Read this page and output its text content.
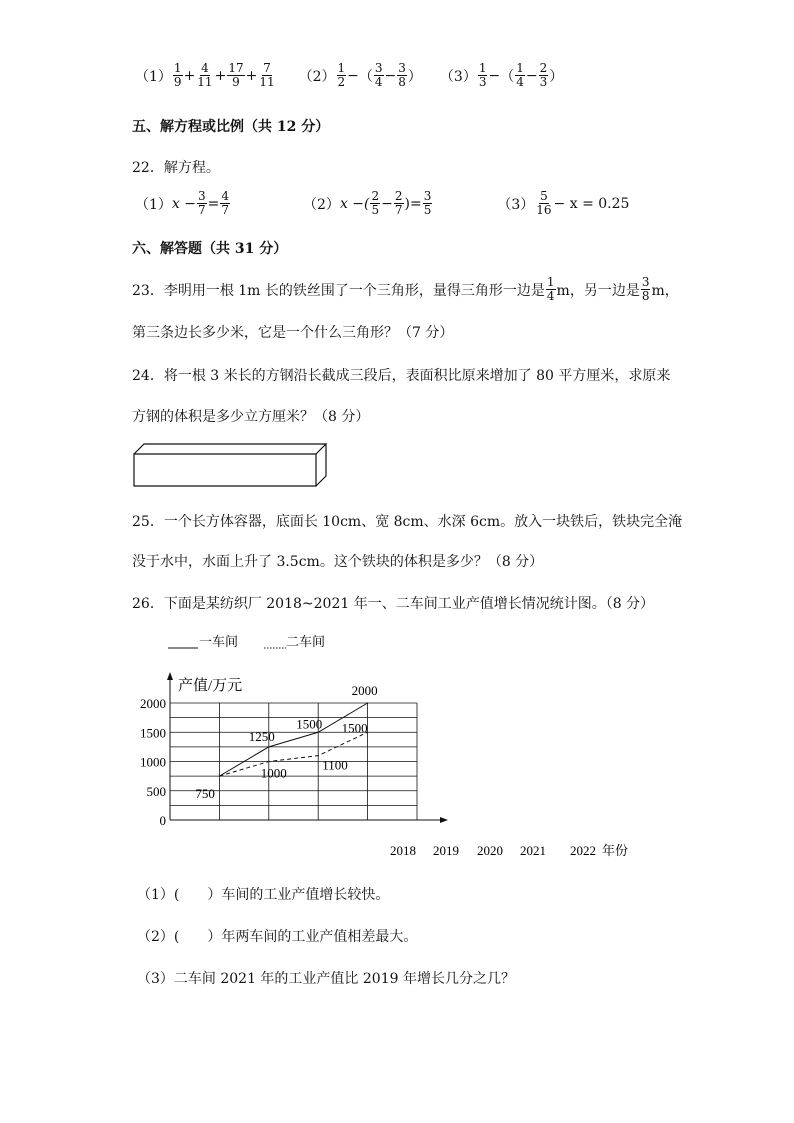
$(1) \frac{1}{9} + \frac{4}{11} + \frac{17}{9} + \frac{7}{11} (2) \frac{1}{2}$ − （ $\frac{3}{4} - \frac{3}{8}$ ） $(3) \frac{1}{3}$ − （ $\frac{1}{4} - \frac{2}{3}$ ）
五、解方程或比例（共 12 分）
22．解方程。
（1） $x - \frac{3}{7} = \frac{4}{7}$	（2） x −( $\frac{2}{5} - \frac{2}{7}$ )= $\frac{3}{5}$	$(3) \frac{5}{16} - x = 0.25$
六、解答题（共 31 分）
23．李明用一根 1m 长的铁丝围了一个三角形，量得三角形一边是 $\frac{1}{4}$ m，另一边是 $\frac{3}{8}$ m，
第三条边长多少米，它是一个什么三角形？（7 分）
24．将一根 3 米长的方钢沿长截成三段后，表面积比原来增加了 80 平方厘米，求原来
方钢的体积是多少立方厘米？（8 分）
25．一个长方体容器，底面长 10cm、宽 8cm、水深 6cm。放入一块铁后，铁块完全淹
没于水中，水面上升了 3.5cm。这个铁块的体积是多少？（8 分）
26．下面是某纺织厂 2018~2021 年一、二车间工业产值增长情况统计图。（8 分）
一车间	二车间
产值/万元
0
500
1000
1500
2000
2018 2019 2020 2021 2022 年份
750
1250
1500
2000
1000
1100
1500
（1）(　　）车间的工业产值增长较快。
（2）(　　）年两车间的工业产值相差最大。
（3）二车间 2021 年的工业产值比 2019 年增长几分之几？
